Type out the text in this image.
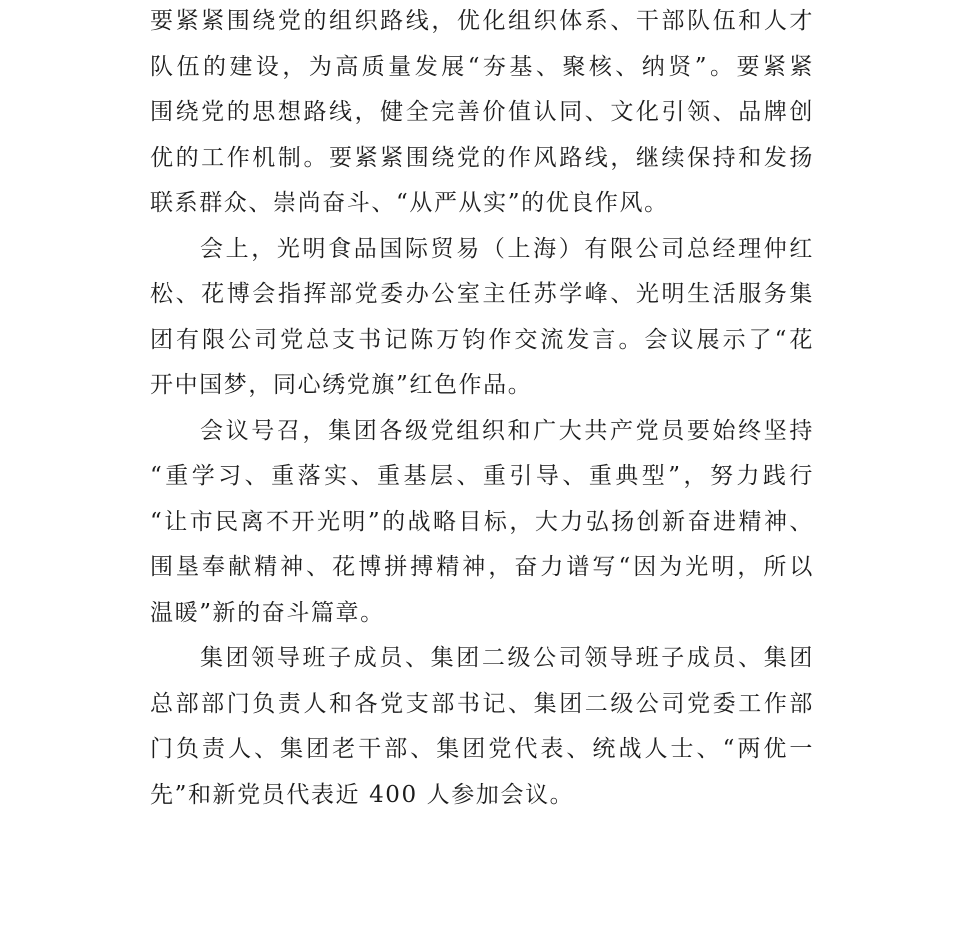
要紧紧围绕党的组织路线，优化组织体系、干部队伍和人才
队伍的建设，为高质量发展“夯基、聚核、纳贤”。要紧紧
围绕党的思想路线，健全完善价值认同、文化引领、品牌创
优的工作机制。要紧紧围绕党的作风路线，继续保持和发扬
联系群众、崇尚奋斗、“从严从实”的优良作风。
会上，光明食品国际贸易（上海）有限公司总经理仲红
松、花博会指挥部党委办公室主任苏学峰、光明生活服务集
团有限公司党总支书记陈万钧作交流发言。会议展示了“花
开中国梦，同心绣党旗”红色作品。
会议号召，集团各级党组织和广大共产党员要始终坚持
“重学习、重落实、重基层、重引导、重典型”，努力践行
“让市民离不开光明”的战略目标，大力弘扬创新奋进精神、
围垦奉献精神、花博拼搏精神，奋力谱写“因为光明，所以
温暖”新的奋斗篇章。
集团领导班子成员、集团二级公司领导班子成员、集团
总部部门负责人和各党支部书记、集团二级公司党委工作部
门负责人、集团老干部、集团党代表、统战人士、“两优一
先”和新党员代表近 400 人参加会议。
